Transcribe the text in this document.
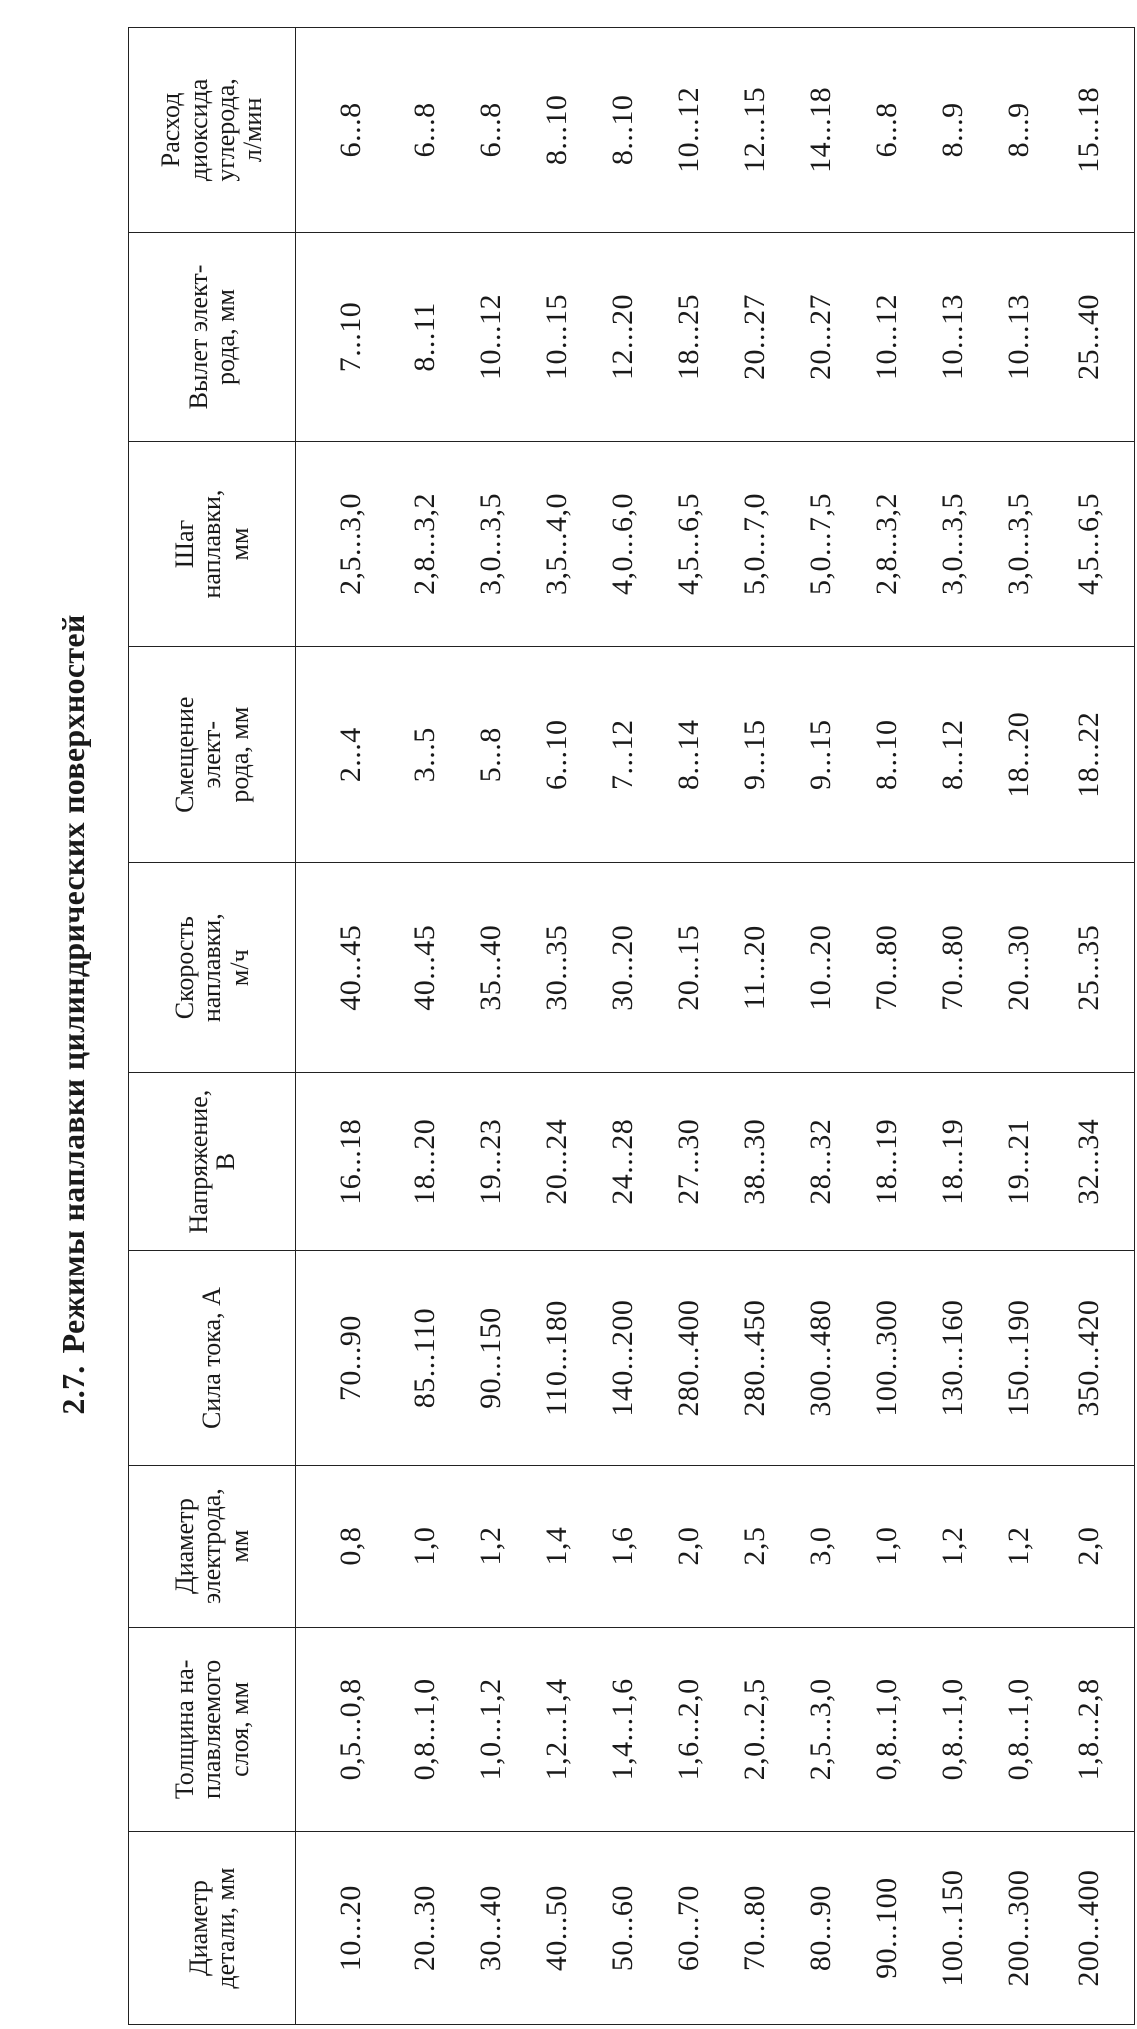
2.7.Режимы наплавки цилиндрических поверхностей
Диаметр
детали, мм	Толщина на-
плавляемого
слоя, мм	Диаметр
электрода,
мм	Сила тока, А	Напряжение,
В	Скорость
наплавки,
м/ч	Смещение
элект-
рода, мм	Шаг
наплавки,
мм	Вылет элект-
рода, мм	Расход
диоксида
углерода,
л/мин
10...20	0,5...0,8	0,8	70...90	16...18	40...45	2...4	2,5...3,0	7...10	6...8
20...30	0,8...1,0	1,0	85...110	18...20	40...45	3...5	2,8...3,2	8...11	6...8
30...40	1,0...1,2	1,2	90...150	19...23	35...40	5...8	3,0...3,5	10...12	6...8
40...50	1,2...1,4	1,4	110...180	20...24	30...35	6...10	3,5...4,0	10...15	8...10
50...60	1,4...1,6	1,6	140...200	24...28	30...20	7...12	4,0...6,0	12...20	8...10
60...70	1,6...2,0	2,0	280...400	27...30	20...15	8...14	4,5...6,5	18...25	10...12
70...80	2,0...2,5	2,5	280...450	38...30	11...20	9...15	5,0...7,0	20...27	12...15
80...90	2,5...3,0	3,0	300...480	28...32	10...20	9...15	5,0...7,5	20...27	14...18
90...100	0,8...1,0	1,0	100...300	18...19	70...80	8...10	2,8...3,2	10...12	6...8
100...150	0,8...1,0	1,2	130...160	18...19	70...80	8...12	3,0...3,5	10...13	8...9
200...300	0,8...1,0	1,2	150...190	19...21	20...30	18...20	3,0...3,5	10...13	8...9
200...400	1,8...2,8	2,0	350...420	32...34	25...35	18...22	4,5...6,5	25...40	15...18
